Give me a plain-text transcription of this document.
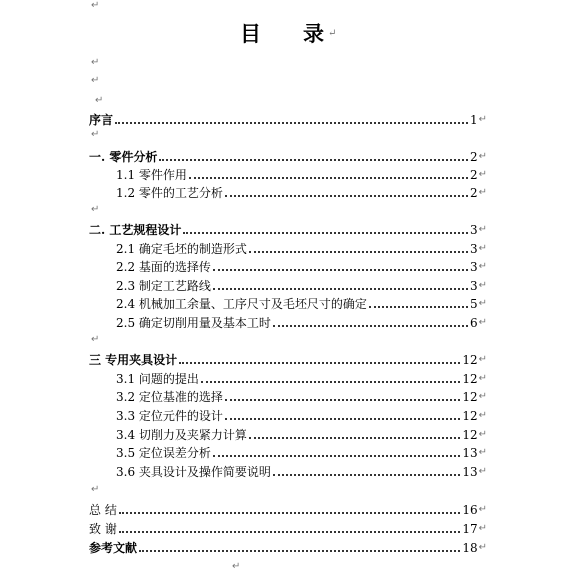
↵
目 录 ↵
↵
↵
↵
序言	1 ↵
↵
一. 零件分析	2 ↵
1.1 零件作用	2 ↵
1.2 零件的工艺分析	2 ↵
↵
二. 工艺规程设计	3 ↵
2.1 确定毛坯的制造形式	3 ↵
2.2 基面的选择传	3 ↵
2.3 制定工艺路线	3 ↵
2.4 机械加工余量、工序尺寸及毛坯尺寸的确定	5 ↵
2.5 确定切削用量及基本工时	6 ↵
↵
三 专用夹具设计	12 ↵
3.1 问题的提出	12 ↵
3.2 定位基准的选择	12 ↵
3.3 定位元件的设计	12 ↵
3.4 切削力及夹紧力计算	12 ↵
3.5 定位误差分析	13 ↵
3.6 夹具设计及操作简要说明	13 ↵
↵
总 结	16 ↵
致 谢	17 ↵
参考文献	18 ↵
↵
